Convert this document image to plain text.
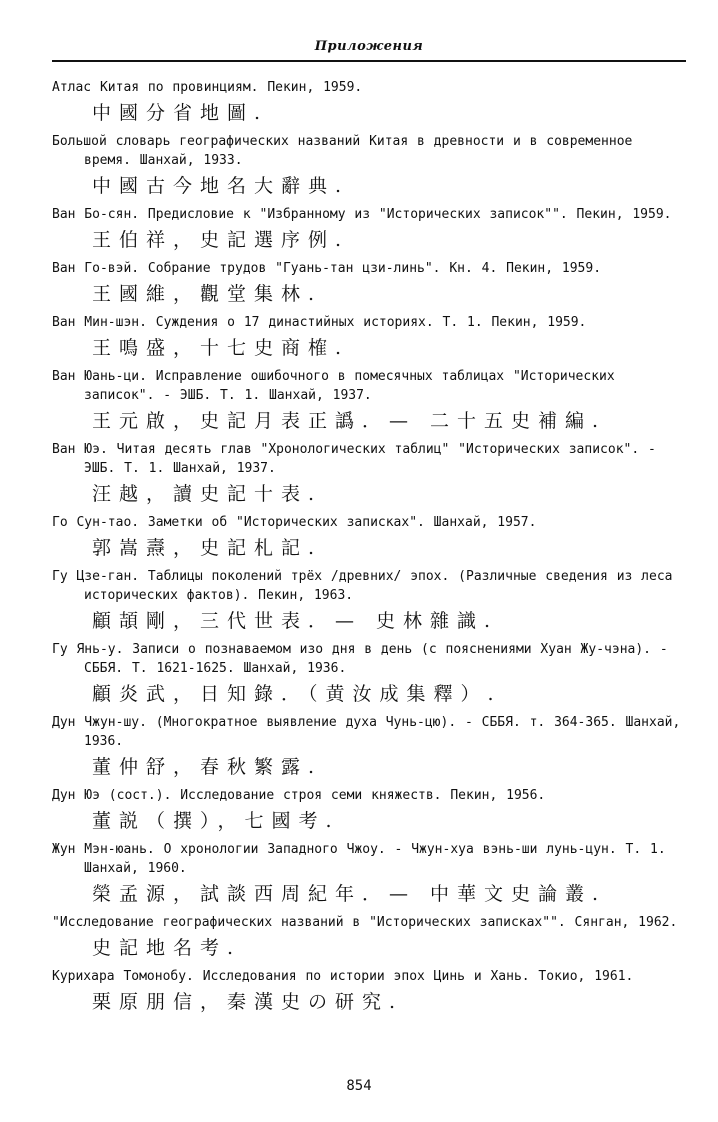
Приложения

Атлас Китая по провинциям. Пекин, 1959.

中國分省地圖.

Большой словарь географических названий Китая в древности и в современное время. Шанхай, 1933.

中國古今地名大辭典.

Ван Бо-сян. Предисловие к "Избранному из "Исторических записок"". Пекин, 1959.

王伯祥，史記選序例.

Ван Го-вэй. Собрание трудов "Гуань-тан цзи-линь". Кн. 4. Пекин, 1959.

王國維，觀堂集林.

Ван Мин-шэн. Суждения о 17 династийных историях. Т. 1. Пекин, 1959.

王鳴盛，十七史商榷.

Ван Юань-ци. Исправление ошибочного в помесячных таблицах "Исторических записок". - ЭШБ. Т. 1. Шанхай, 1937.

王元啟，史記月表正譌．— 二十五史補編.

Ван Юэ. Читая десять глав "Хронологических таблиц" "Исторических записок". - ЭШБ. Т. 1. Шанхай, 1937.

汪越，讀史記十表.

Го Сун-тао. Заметки об "Исторических записках". Шанхай, 1957.

郭嵩燾，史記札記.

Гу Цзе-ган. Таблицы поколений трёх /древних/ эпох. (Различные сведения из леса исторических фактов). Пекин, 1963.

顧頡剛，三代世表．— 史林雜識.

Гу Янь-у. Записи о познаваемом изо дня в день (с пояснениями Хуан Жу-чэна). - СББЯ. Т. 1621-1625. Шанхай, 1936.

顧炎武，日知錄．（黄汝成集釋）.

Дун Чжун-шу. (Многократное выявление духа Чунь-цю). - СББЯ. т. 364-365. Шанхай, 1936.

董仲舒，春秋繁露.

Дун Юэ (сост.). Исследование строя семи княжеств. Пекин, 1956.

董説（撰），七國考.

Жун Мэн-юань. О хронологии Западного Чжоу. - Чжун-хуа вэнь-ши лунь-цун. Т. 1. Шанхай, 1960.

榮孟源，試談西周紀年．— 中華文史論叢.

"Исследование географических названий в "Исторических записках"". Сянган, 1962.

史記地名考.

Курихара Томонобу. Исследования по истории эпох Цинь и Хань. Токио, 1961.

栗原朋信，秦漢史の研究.

854
